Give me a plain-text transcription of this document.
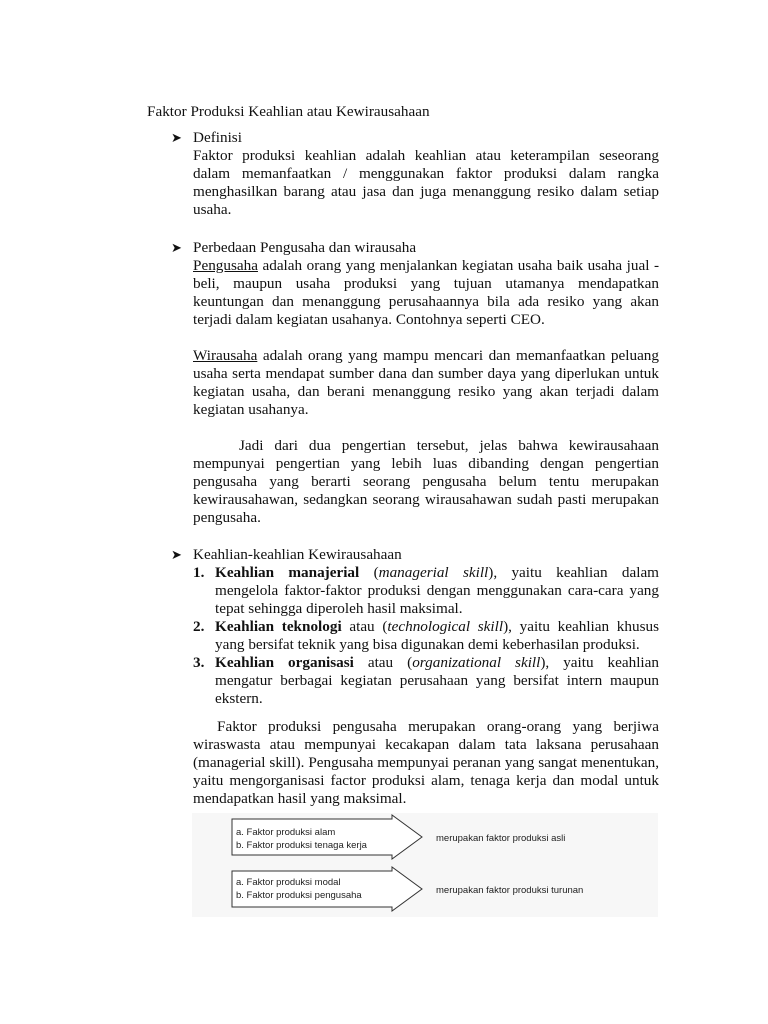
Faktor Produksi Keahlian atau Kewirausahaan
➤ Definisi

Faktor produksi keahlian adalah keahlian atau keterampilan seseorang dalam memanfaatkan / menggunakan faktor produksi dalam rangka menghasilkan barang atau jasa dan juga menanggung resiko dalam setiap usaha.

➤ Perbedaan Pengusaha dan wirausaha

Pengusaha adalah orang yang menjalankan kegiatan usaha baik usaha jual - beli, maupun usaha produksi yang tujuan utamanya mendapatkan keuntungan dan menanggung perusahaannya bila ada resiko yang akan terjadi dalam kegiatan usahanya. Contohnya seperti CEO.

Wirausaha adalah orang yang mampu mencari dan memanfaatkan peluang usaha serta mendapat sumber dana dan sumber daya yang diperlukan untuk kegiatan usaha, dan berani menanggung resiko yang akan terjadi dalam kegiatan usahanya.

Jadi dari dua pengertian tersebut, jelas bahwa kewirausahaan mempunyai pengertian yang lebih luas dibanding dengan pengertian pengusaha yang berarti seorang pengusaha belum tentu merupakan kewirausahawan, sedangkan seorang wirausahawan sudah pasti merupakan pengusaha.

➤ Keahlian-keahlian Kewirausahaan
1. Keahlian manajerial (managerial skill), yaitu keahlian dalam mengelola faktor-faktor produksi dengan menggunakan cara-cara yang tepat sehingga diperoleh hasil maksimal.
2. Keahlian teknologi atau (technological skill), yaitu keahlian khusus yang bersifat teknik yang bisa digunakan demi keberhasilan produksi.
3. Keahlian organisasi atau (organizational skill), yaitu keahlian mengatur berbagai kegiatan perusahaan yang bersifat intern maupun ekstern.

Faktor produksi pengusaha merupakan orang-orang yang berjiwa wiraswasta atau mempunyai kecakapan dalam tata laksana perusahaan (managerial skill). Pengusaha mempunyai peranan yang sangat menentukan, yaitu mengorganisasi factor produksi alam, tenaga kerja dan modal untuk mendapatkan hasil yang maksimal.

a. Faktor produksi alam
b. Faktor produksi tenaga kerja
merupakan faktor produksi asli
a. Faktor produksi modal
b. Faktor produksi pengusaha	merupakan faktor produksi turunan
